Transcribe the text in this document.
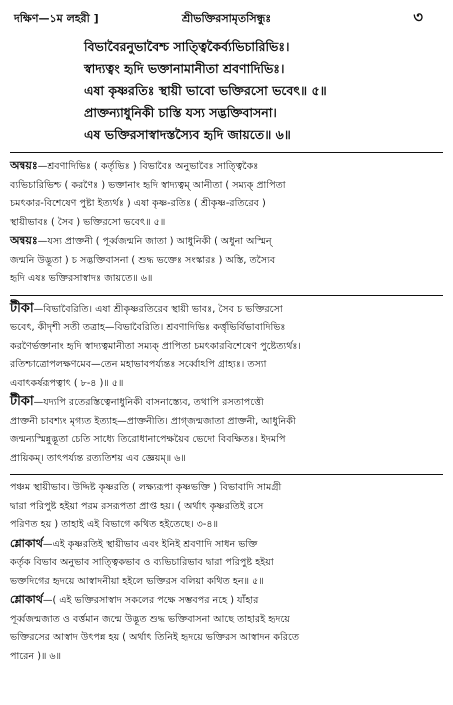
দক্ষিণ—১ম লহরী ]	শ্রীভক্তিরসামৃতসিন্ধুঃ	৩
বিভাবৈরনুভাবৈশ্চ সাত্ত্বিকৈর্ব্যভিচারিভিঃ।
স্বাদ্যত্বং হৃদি ভক্তানামানীতা শ্রবণাদিভিঃ।
এষা কৃষ্ণরতিঃ স্থায়ী ভাবো ভক্তিরসো ভবেৎ॥ ৫॥
প্রাক্তন্যাধুনিকী চাস্তি যস্য সদ্ভক্তিবাসনা।
এষ ভক্তিরসাস্বাদস্তস্যৈব হৃদি জায়তে॥ ৬॥

অন্বয়ঃ—শ্রবণাদিভিঃ ( কর্তৃভিঃ ) বিভাবৈঃ অনুভাবৈঃ সাত্ত্বিকৈঃ

ব্যভিচারিভিশ্চ ( করণৈঃ ) ভক্তানাং হৃদি স্বাদ্যত্বম্ আনীতা ( সম্যক্ প্রাপিতা

চমৎকার-বিশেষেণ পুষ্টা ইত্যর্থঃ ) এষা কৃষ্ণ-রতিঃ ( শ্রীকৃষ্ণ-রতিরেব )

স্থায়ীভাবঃ ( সৈব ) ভক্তিরসো ভবেৎ॥ ৫॥

অন্বয়ঃ—যস্য প্রাক্তনী ( পূর্ব্বজন্মনি জাতা ) আধুনিকী ( অধুনা অস্মিন্

জন্মনি উদ্ভূতা ) চ সদ্ভক্তিবাসনা ( শুদ্ধ ভক্তেঃ সংস্কারঃ ) অস্তি, তস্যৈব

হৃদি এষঃ ভক্তিরসাস্বাদঃ জায়তে॥ ৬॥

টীকা—বিভাবৈরিতি। এষা শ্রীকৃষ্ণরতিরেব স্থায়ী ভাবঃ, সৈব চ ভক্তিরসো

ভবেৎ, কীদৃশী সতী তত্রাহ—বিভাবৈরিতি। শ্রবণাদিভিঃ কর্ত্তৃভির্বিভাবাদিভিঃ

করণৈর্ভক্তানাং হৃদি স্বাদ্যত্বমানীতা সম্যক্ প্রাপিতা চমৎকারবিশেষেণ পুষ্টেত্যর্থঃ।

রতিশ্চাত্রোপলক্ষণমেব—তেন মহাভাবপর্য্যন্তঃ সর্ব্বোঽপি গ্রাহ্যঃ। তস্যা

এবাৎকর্ষরূপত্বাৎ ( ৮-৪ )॥ ৫॥

টীকা—যদ্যপি রতেরস্তিত্বেনাধুনিকী বাসনাস্ত্যেব, তথাপি রসতাপত্তৌ

প্রাক্তনী চাবশ্যং মৃগ্যত ইত্যাহ—প্রাক্তনীতি। প্রাগ্জন্মজাতা প্রাক্তনী, আধুনিকী

জন্মন্যস্মিন্নুদ্ভূতা চেতি সাধ্যে তিরোধানাপেক্ষয়ৈব ভেদো বিবক্ষিতঃ। ইদমপি

প্রায়িকম্। তাৎপর্য্যন্ত রত্যতিশয় এব জ্ঞেয়ম্॥ ৬॥

পঞ্চম স্থায়ীভাব। উদ্দিষ্ট কৃষ্ণরতি ( লক্ষ্যরূপা কৃষ্ণভক্তি ) বিভাবাদি সামগ্রী

দ্বারা পরিপুষ্ট হইয়া পরম রসরূপতা প্রাপ্ত হয়। ( অর্থাৎ কৃষ্ণরতিই রসে

পরিণত হয় ) তাহাই এই বিভাগে কথিত হইতেছে। ৩-৪॥

শ্লোকার্থ—এই কৃষ্ণরতিই স্থায়ীভাব এবং ইনিই শ্রবণাদি সাধন ভক্তি

কর্তৃক বিভাব অনুভাব সাত্ত্বিকভাব ও ব্যভিচারিভাব দ্বারা পরিপুষ্ট হইয়া

ভক্তদিগের হৃদয়ে আস্বাদনীয়া হইলে ভক্তিরস বলিয়া কথিত হন॥ ৫॥

শ্লোকার্থ—( এই ভক্তিরসাস্বাদ সকলের পক্ষে সম্ভবপর নহে ) যাঁহার

পূর্ব্বজন্মজাত ও বর্ত্তমান জন্মে উদ্ভূত শুদ্ধ ভক্তিবাসনা আছে তাহারই হৃদয়ে

ভক্তিরসের আস্বাদ উৎপন্ন হয় ( অর্থাৎ তিনিই হৃদয়ে ভক্তিরস আস্বাদন করিতে

পারেন )॥ ৬॥
